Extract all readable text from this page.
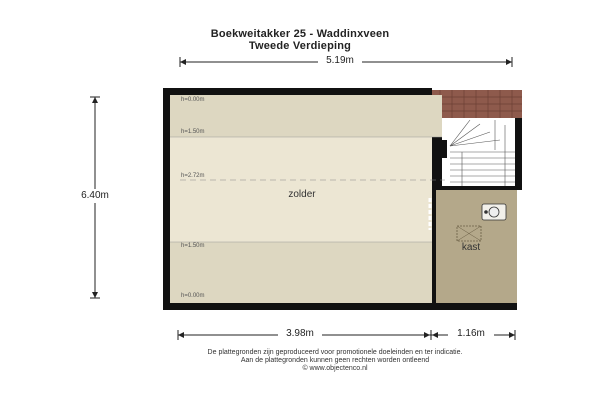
Boekweitakker 25 - Waddinxveen
Tweede Verdieping
5.19m
6.40m
3.98m	1.16m
h=0.00m
h=1.50m
h=2.72m
h=1.50m
h=0.00m
zolder
kast
De plattegronden zijn geproduceerd voor promotionele doeleinden en ter indicatie.
Aan de plattegronden kunnen geen rechten worden ontleend
© www.objectenco.nl
